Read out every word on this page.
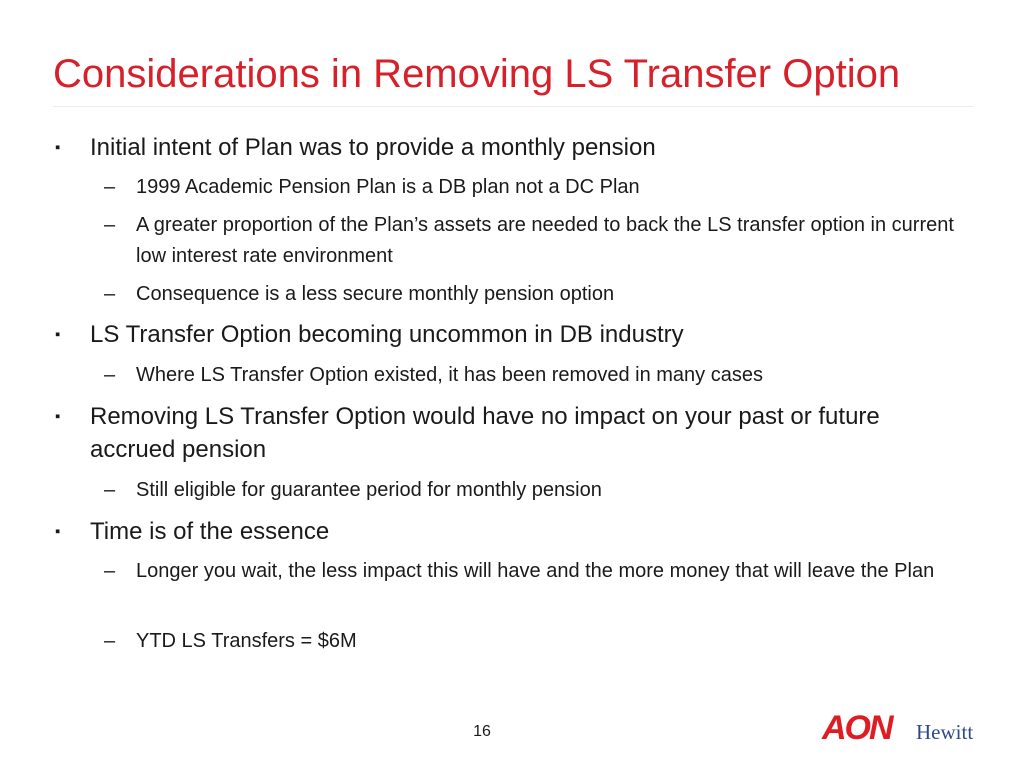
Considerations in Removing LS Transfer Option
▪ Initial intent of Plan was to provide a monthly pension
– 1999 Academic Pension Plan is a DB plan not a DC Plan
– A greater proportion of the Plan’s assets are needed to back the LS transfer option in current low interest rate environment
– Consequence is a less secure monthly pension option
▪ LS Transfer Option becoming uncommon in DB industry
– Where LS Transfer Option existed, it has been removed in many cases
▪ Removing LS Transfer Option would have no impact on your past or future accrued pension
– Still eligible for guarantee period for monthly pension
▪ Time is of the essence
– Longer you wait, the less impact this will have and the more money that will leave the Plan
– YTD LS Transfers = $6M
16	AON Hewitt
